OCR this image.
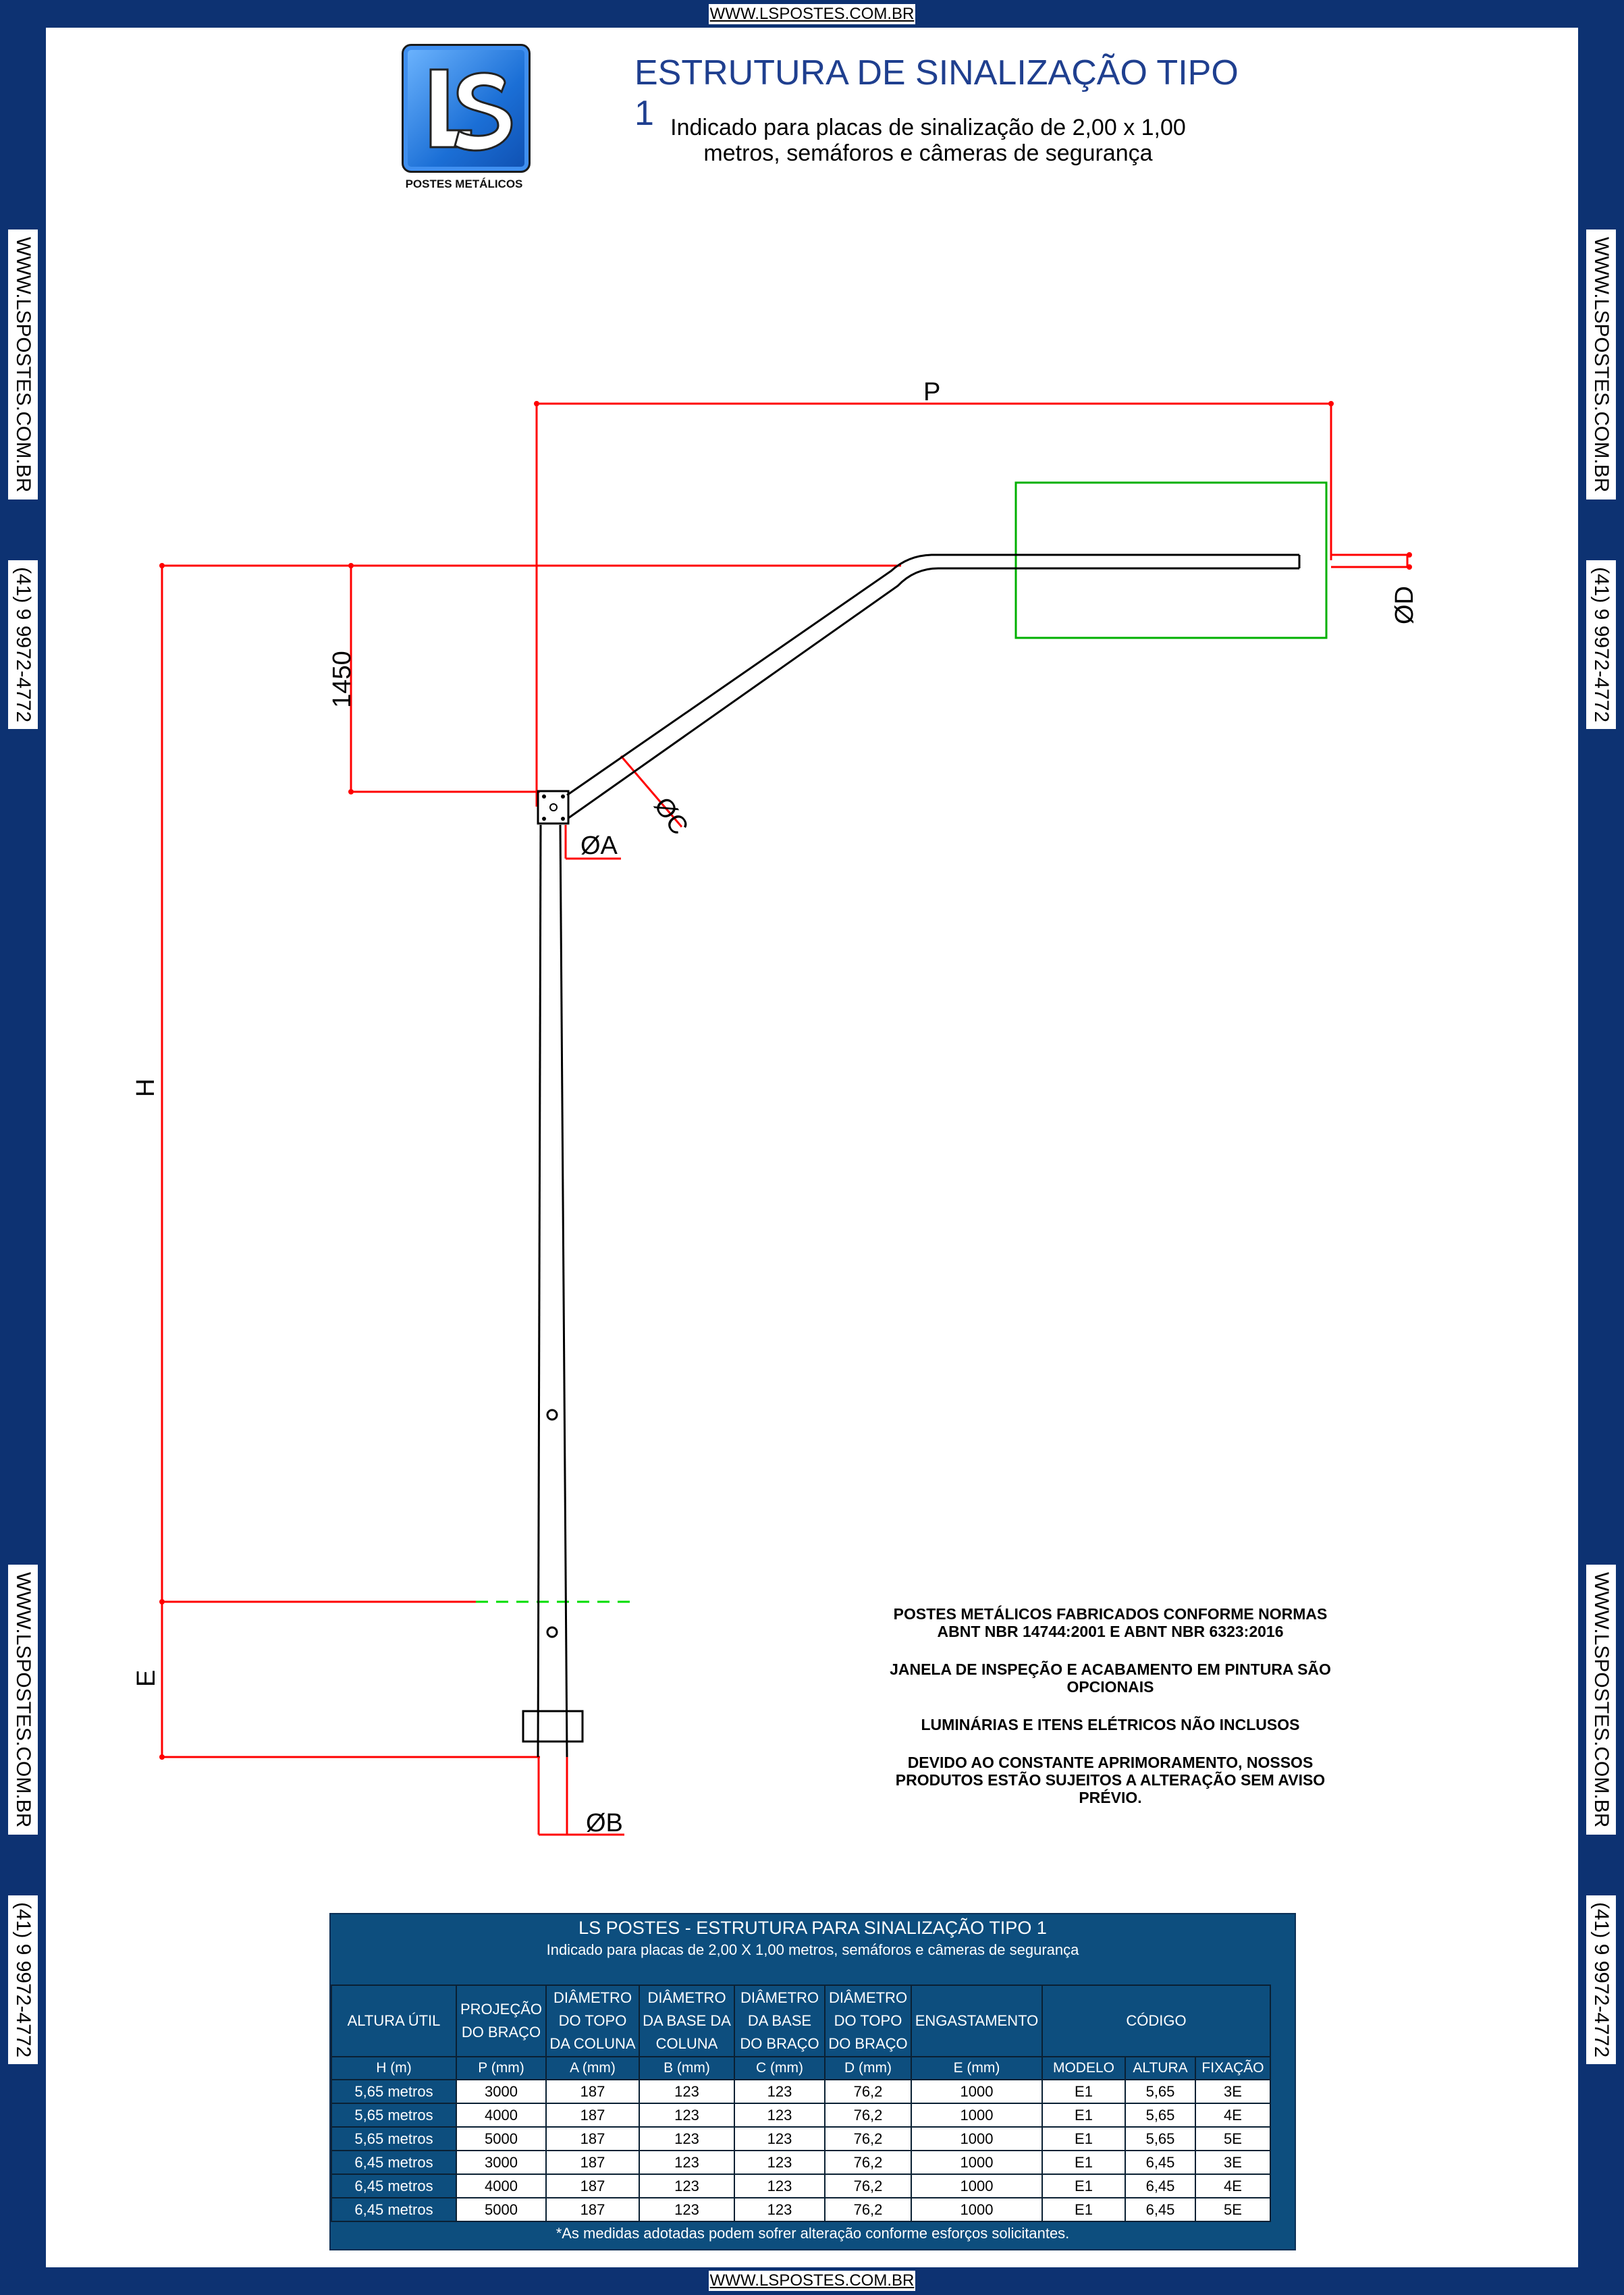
WWW.LSPOSTES.COM.BR
WWW.LSPOSTES.COM.BR
WWW.LSPOSTES.COM.BR
(41) 9 9972-4772
WWW.LSPOSTES.COM.BR
(41) 9 9972-4772
WWW.LSPOSTES.COM.BR
(41) 9 9972-4772
WWW.LSPOSTES.COM.BR
(41) 9 9972-4772
POSTES METÁLICOS
ESTRUTURA DE SINALIZAÇÃO TIPO 1 Indicado para placas de sinalização de 2,00 x 1,00
metros, semáforos e câmeras de segurança
P
H
E
1450
ØA
ØB
ØC
ØD

POSTES METÁLICOS FABRICADOS CONFORME NORMAS ABNT NBR 14744:2001 E ABNT NBR 6323:2016

JANELA DE INSPEÇÃO E ACABAMENTO EM PINTURA SÃO OPCIONAIS

LUMINÁRIAS E ITENS ELÉTRICOS NÃO INCLUSOS

DEVIDO AO CONSTANTE APRIMORAMENTO, NOSSOS PRODUTOS ESTÃO SUJEITOS A ALTERAÇÃO SEM AVISO PRÉVIO.

LS POSTES - ESTRUTURA PARA SINALIZAÇÃO TIPO 1
Indicado para placas de 2,00 X 1,00 metros, semáforos e câmeras de segurança
ALTURA ÚTIL	PROJEÇÃO DO BRAÇO	DIÂMETRO DO TOPO DA COLUNA	DIÂMETRO DA BASE DA COLUNA	DIÂMETRO DA BASE DO BRAÇO	DIÂMETRO DO TOPO DO BRAÇO	ENGASTAMENTO	CÓDIGO		
H (m)	P (mm)	A (mm)	B (mm)	C (mm)	D (mm)	E (mm)	MODELO	ALTURA	FIXAÇÃO
5,65 metros	3000	187	123	123	76,2	1000	E1	5,65	3E
5,65 metros	4000	187	123	123	76,2	1000	E1	5,65	4E
5,65 metros	5000	187	123	123	76,2	1000	E1	5,65	5E
6,45 metros	3000	187	123	123	76,2	1000	E1	6,45	3E
6,45 metros	4000	187	123	123	76,2	1000	E1	6,45	4E
6,45 metros	5000	187	123	123	76,2	1000	E1	6,45	5E
*As medidas adotadas podem sofrer alteração conforme esforços solicitantes.
